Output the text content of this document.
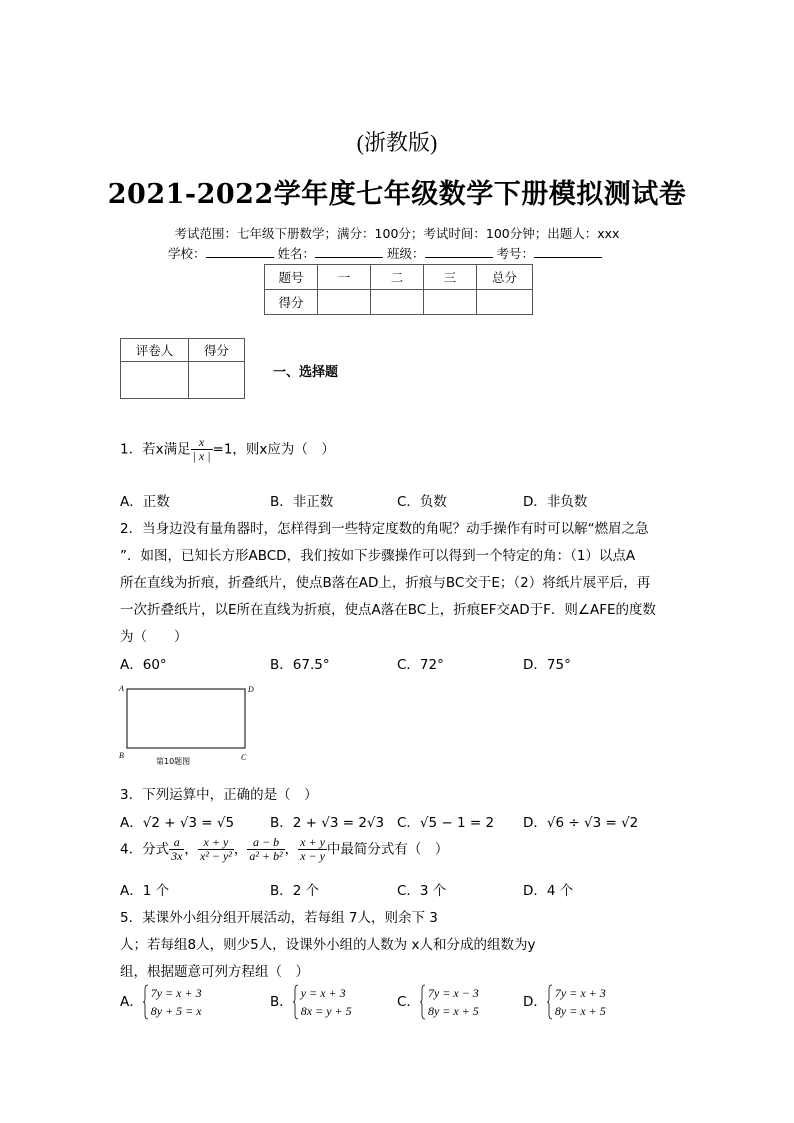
(浙教版)
2021-2022学年度七年级数学下册模拟测试卷
考试范围：七年级下册数学；满分：100分；考试时间：100分钟；出题人：xxx
学校：	姓名：	班级：	考号：
题号	一	二	三	总分
得分				
评卷人	得分

一、选择题
1．若x满足 $\frac{x}{| x |} =1$，则x应为（　）
A．正数	B．非正数	C．负数	D．非负数
2．当身边没有量角器时，怎样得到一些特定度数的角呢？动手操作有时可以解“燃眉之急
”．如图，已知长方形ABCD，我们按如下步骤操作可以得到一个特定的角：（1）以点A
所在直线为折痕，折叠纸片，使点B落在AD上，折痕与BC交于E；（2）将纸片展平后，再
一次折叠纸片，以E所在直线为折痕，使点A落在BC上，折痕EF交AD于F．则∠AFE的度数
为（　　）
A．60°	B．67.5°	C．72°	D．75°
A	D
B	C
第10题图
3．下列运算中，正确的是（　）
A．√2 + √3 = √5	B．2 + √3 = 2√3 C．√5 − 1 = 2 D．√6 ÷ √3 = √2
4．分式 $\frac{a}{3x}$ ， $\frac{x + y}{\text{x² − y²}}$ ， $\frac{a - b}{\text{a² + b²}}$ ， $\frac{x + y}{x - y}$ 中最简分式有（　）
A．1 个	B．2 个	C．3 个	D．4 个
5．某课外小组分组开展活动，若每组 7人，则余下 3
人；若每组8人，则少5人，设课外小组的人数为 x人和分成的组数为y
组，根据题意可列方程组（　）
A．
7y = x + 3
8y + 5 = x
B．
y = x + 3
8x = y + 5
C．
7y = x − 3
8y = x + 5
D．
7y = x + 3
8y = x + 5
